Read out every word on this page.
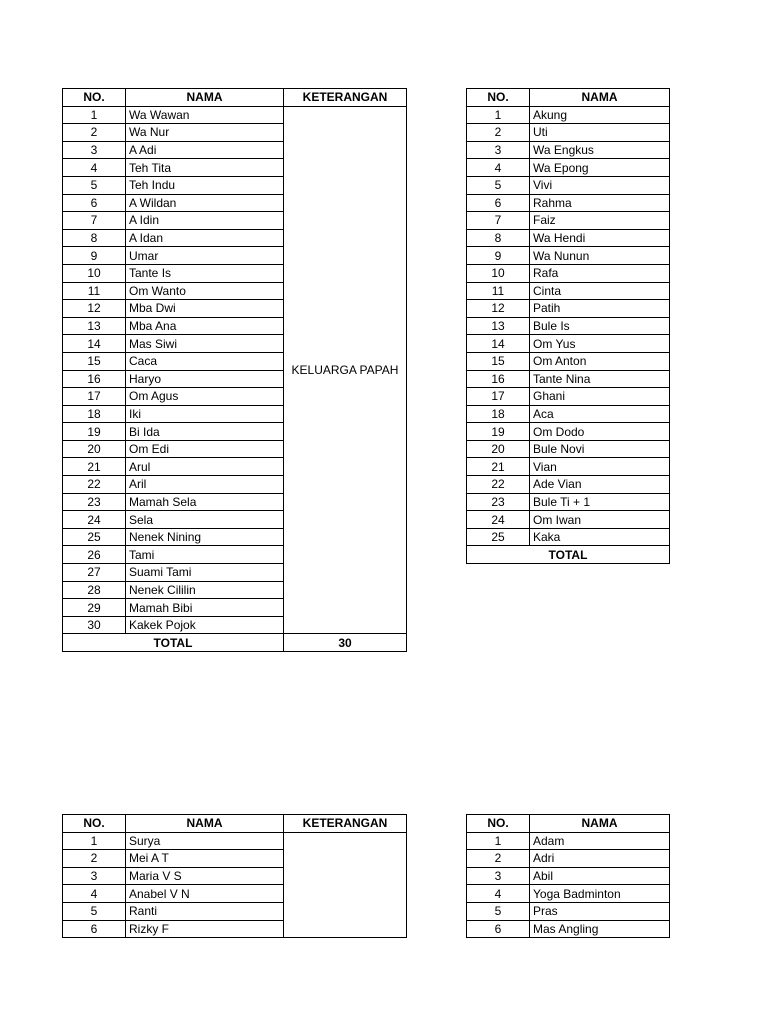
NO.	NAMA	KETERANGAN
1	Wa Wawan	KELUARGA PAPAH
2	Wa Nur	
3	A Adi	
4	Teh Tita	
5	Teh Indu	
6	A Wildan	
7	A Idin	
8	A Idan	
9	Umar	
10	Tante Is	
11	Om Wanto	
12	Mba Dwi	
13	Mba Ana	
14	Mas Siwi	
15	Caca	
16	Haryo	
17	Om Agus	
18	Iki	
19	Bi Ida	
20	Om Edi	
21	Arul	
22	Aril	
23	Mamah Sela	
24	Sela	
25	Nenek Nining	
26	Tami	
27	Suami Tami	
28	Nenek Cililin	
29	Mamah Bibi	
30	Kakek Pojok	
TOTAL		30
NO.	NAMA
1	Akung
2	Uti
3	Wa Engkus
4	Wa Epong
5	Vivi
6	Rahma
7	Faiz
8	Wa Hendi
9	Wa Nunun
10	Rafa
11	Cinta
12	Patih
13	Bule Is
14	Om Yus
15	Om Anton
16	Tante Nina
17	Ghani
18	Aca
19	Om Dodo
20	Bule Novi
21	Vian
22	Ade Vian
23	Bule Ti + 1
24	Om Iwan
25	Kaka
TOTAL	
NO.	NAMA	KETERANGAN
1	Surya	
2	Mei A T	
3	Maria V S	
4	Anabel V N	
5	Ranti	
6	Rizky F	
NO.	NAMA
1	Adam
2	Adri
3	Abil
4	Yoga Badminton
5	Pras
6	Mas Angling
